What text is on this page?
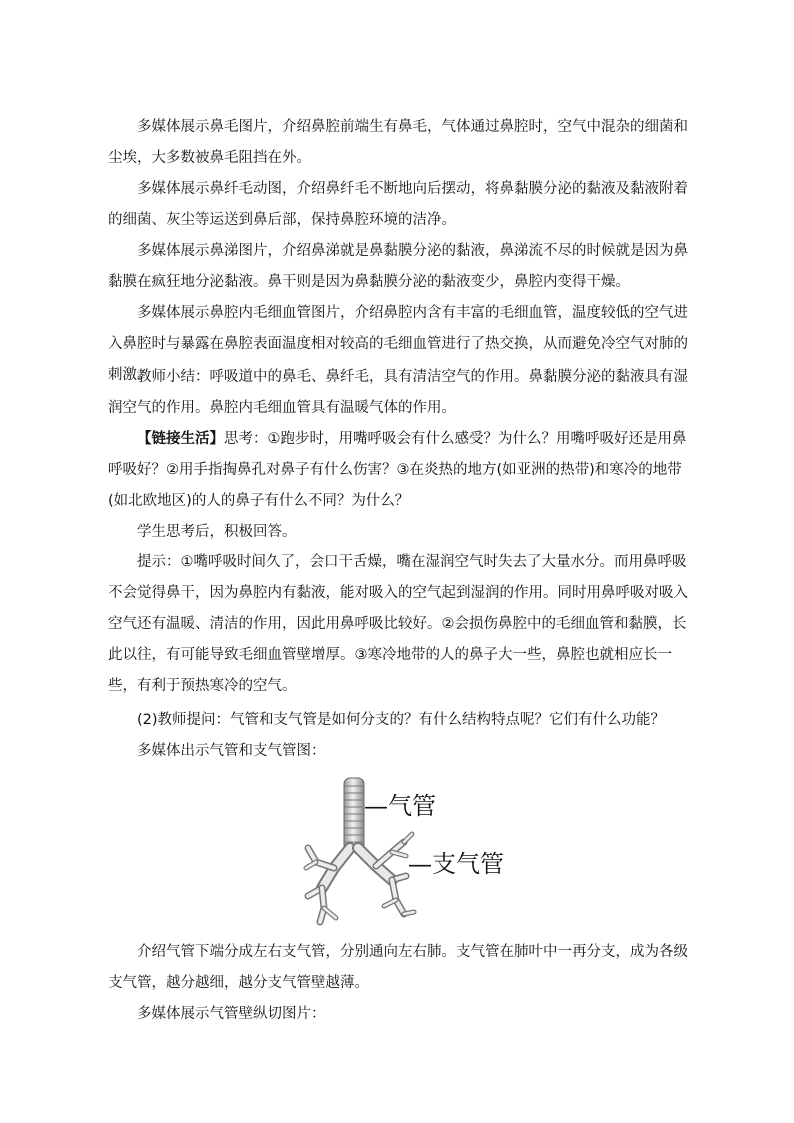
多媒体展示鼻毛图片，介绍鼻腔前端生有鼻毛，气体通过鼻腔时，空气中混杂的细菌和尘埃，大多数被鼻毛阻挡在外。

多媒体展示鼻纤毛动图，介绍鼻纤毛不断地向后摆动，将鼻黏膜分泌的黏液及黏液附着的细菌、灰尘等运送到鼻后部，保持鼻腔环境的洁净。

多媒体展示鼻涕图片，介绍鼻涕就是鼻黏膜分泌的黏液，鼻涕流不尽的时候就是因为鼻黏膜在疯狂地分泌黏液。鼻干则是因为鼻黏膜分泌的黏液变少，鼻腔内变得干燥。

多媒体展示鼻腔内毛细血管图片，介绍鼻腔内含有丰富的毛细血管，温度较低的空气进入鼻腔时与暴露在鼻腔表面温度相对较高的毛细血管进行了热交换，从而避免冷空气对肺的刺激。

教师小结：呼吸道中的鼻毛、鼻纤毛，具有清洁空气的作用。鼻黏膜分泌的黏液具有湿润空气的作用。鼻腔内毛细血管具有温暖气体的作用。

【链接生活】思考：①跑步时，用嘴呼吸会有什么感受？为什么？用嘴呼吸好还是用鼻呼吸好？②用手指掏鼻孔对鼻子有什么伤害？③在炎热的地方(如亚洲的热带)和寒冷的地带(如北欧地区)的人的鼻子有什么不同？为什么？

学生思考后，积极回答。

提示：①嘴呼吸时间久了，会口干舌燥，嘴在湿润空气时失去了大量水分。而用鼻呼吸不会觉得鼻干，因为鼻腔内有黏液，能对吸入的空气起到湿润的作用。同时用鼻呼吸对吸入空气还有温暖、清洁的作用，因此用鼻呼吸比较好。②会损伤鼻腔中的毛细血管和黏膜，长此以往，有可能导致毛细血管壁增厚。③寒冷地带的人的鼻子大一些，鼻腔也就相应长一些，有利于预热寒冷的空气。

(2)教师提问：气管和支气管是如何分支的？有什么结构特点呢？它们有什么功能？

多媒体出示气管和支气管图：

—气管
—支气管

介绍气管下端分成左右支气管，分别通向左右肺。支气管在肺叶中一再分支，成为各级支气管，越分越细，越分支气管壁越薄。

多媒体展示气管壁纵切图片：
